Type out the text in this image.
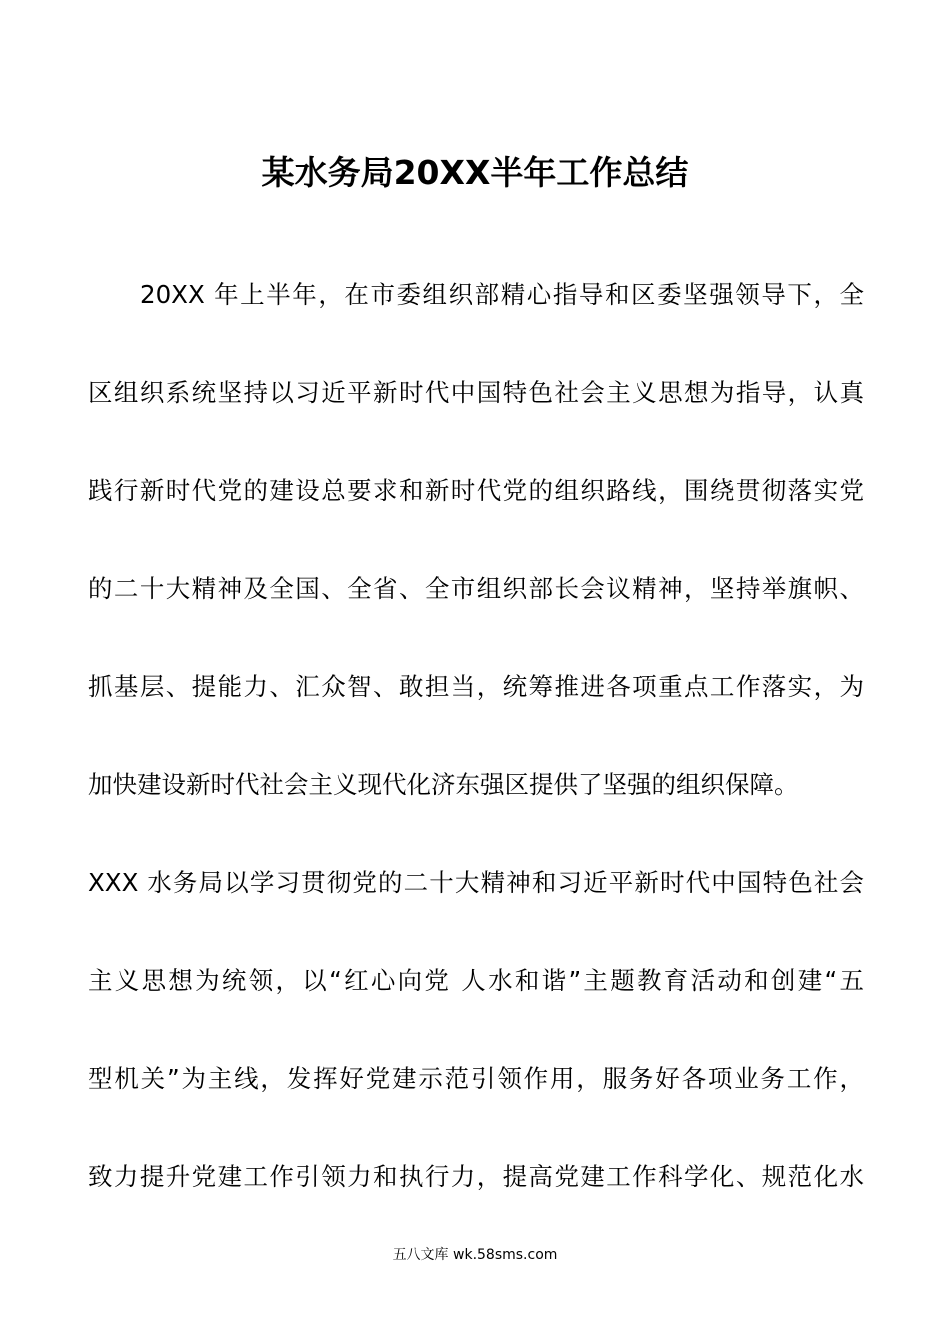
某水务局20XX半年工作总结
20XX 年上半年，在市委组织部精心指导和区委坚强领导下，全
区组织系统坚持以习近平新时代中国特色社会主义思想为指导，认真
践行新时代党的建设总要求和新时代党的组织路线，围绕贯彻落实党
的二十大精神及全国、全省、全市组织部长会议精神，坚持举旗帜、
抓基层、提能力、汇众智、敢担当，统筹推进各项重点工作落实，为
加快建设新时代社会主义现代化济东强区提供了坚强的组织保障。
XXX 水务局以学习贯彻党的二十大精神和习近平新时代中国特色社会
主义思想为统领，以“红心向党 人水和谐”主题教育活动和创建“五
型机关”为主线，发挥好党建示范引领作用，服务好各项业务工作，
致力提升党建工作引领力和执行力，提高党建工作科学化、规范化水
五八文库 wk.58sms.com
